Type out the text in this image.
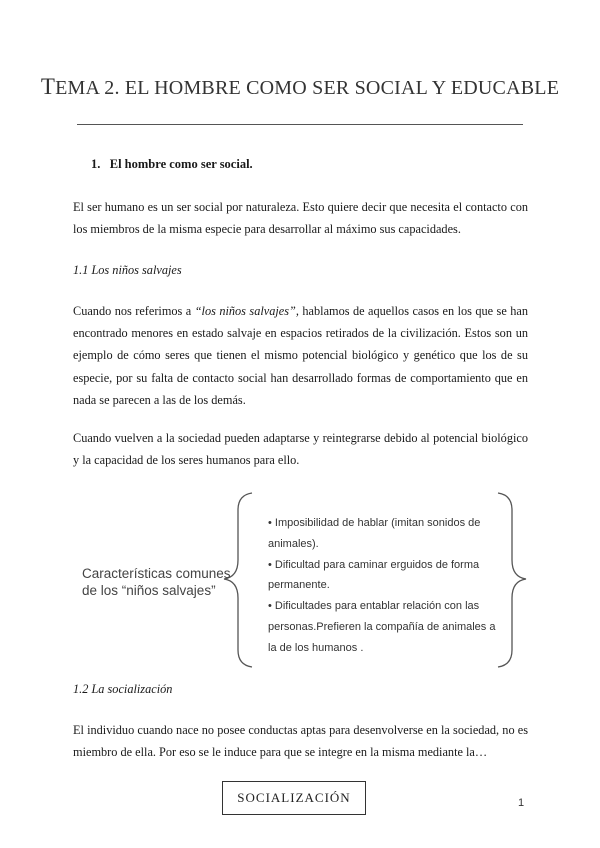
TEMA 2. EL HOMBRE COMO SER SOCIAL Y EDUCABLE
1. El hombre como ser social.
El ser humano es un ser social por naturaleza. Esto quiere decir que necesita el contacto con los miembros de la misma especie para desarrollar al máximo sus capacidades.
1.1 Los niños salvajes
Cuando nos referimos a “los niños salvajes”, hablamos de aquellos casos en los que se han encontrado menores en estado salvaje en espacios retirados de la civilización. Estos son un ejemplo de cómo seres que tienen el mismo potencial biológico y genético que los de su especie, por su falta de contacto social han desarrollado formas de comportamiento que en nada se parecen a las de los demás.
Cuando vuelven a la sociedad pueden adaptarse y reintegrarse debido al potencial biológico y la capacidad de los seres humanos para ello.
Características comunes de los “niños salvajes”
• Imposibilidad de hablar (imitan sonidos de animales).
• Dificultad para caminar erguidos de forma permanente.
• Dificultades para entablar relación con las personas.Prefieren la compañía de animales a la de los humanos .
1.2 La socialización
El individuo cuando nace no posee conductas aptas para desenvolverse en la sociedad, no es miembro de ella. Por eso se le induce para que se integre en la misma mediante la…
SOCIALIZACIÓN	1
